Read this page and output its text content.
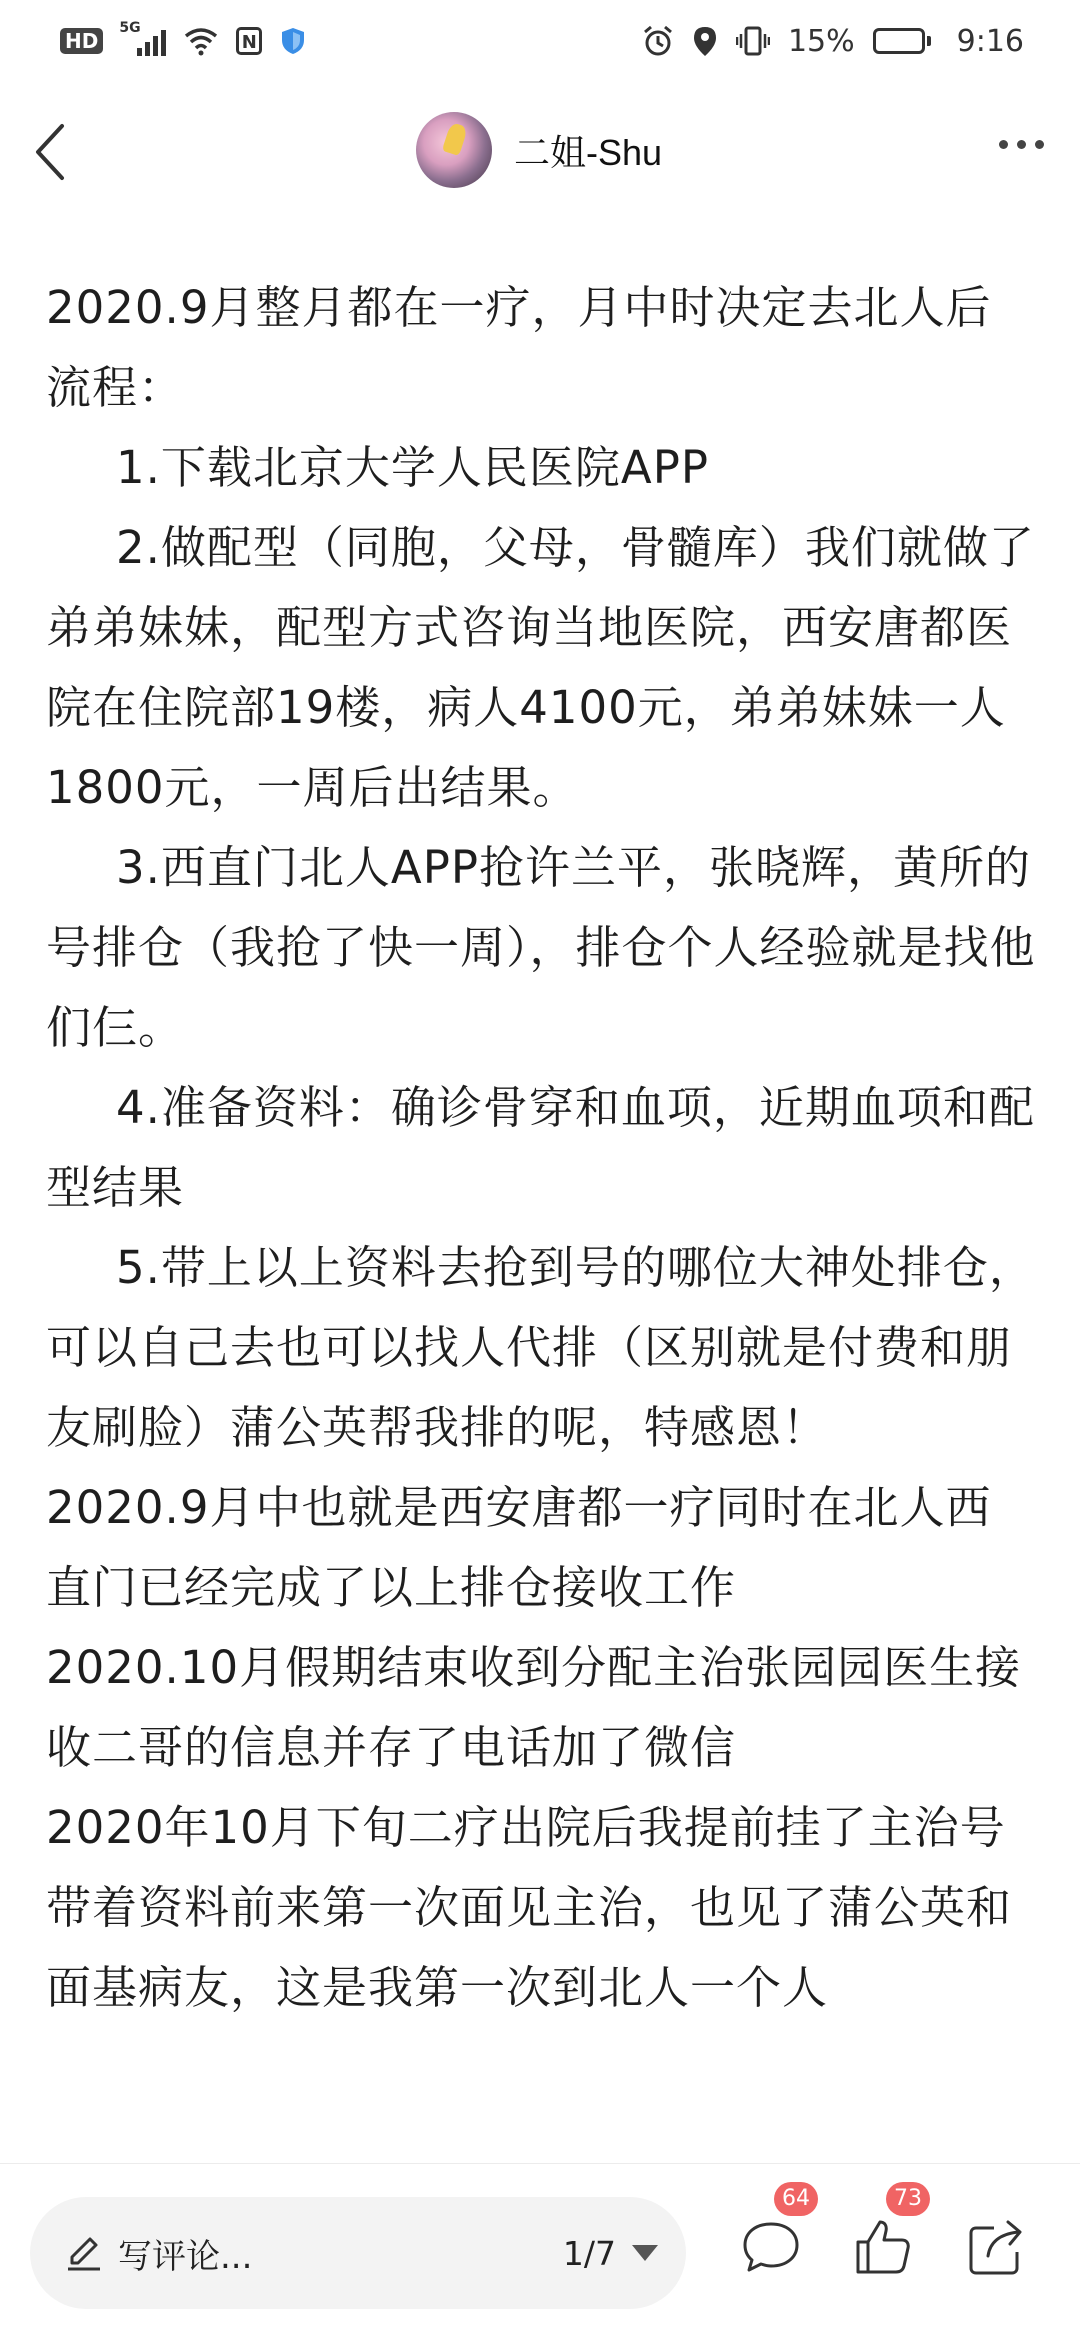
HD
5G
N	15%	9:16
二姐-Shu

2020.9月整月都在一疗，月中时决定去北人后流程：

1.下载北京大学人民医院APP

2.做配型（同胞，父母，骨髓库）我们就做了弟弟妹妹，配型方式咨询当地医院，西安唐都医院在住院部19楼，病人4100元，弟弟妹妹一人1800元，一周后出结果。

3.西直门北人APP抢许兰平，张晓辉，黄所的号排仓（我抢了快一周），排仓个人经验就是找他们仨。

4.准备资料：确诊骨穿和血项，近期血项和配型结果

5.带上以上资料去抢到号的哪位大神处排仓，可以自己去也可以找人代排（区别就是付费和朋友刷脸）蒲公英帮我排的呢，特感恩！

2020.9月中也就是西安唐都一疗同时在北人西直门已经完成了以上排仓接收工作

2020.10月假期结束收到分配主治张园园医生接收二哥的信息并存了电话加了微信

2020年10月下旬二疗出院后我提前挂了主治号带着资料前来第一次面见主治，也见了蒲公英和面基病友，这是我第一次到北人一个人

写评论...	1/7
64	73
